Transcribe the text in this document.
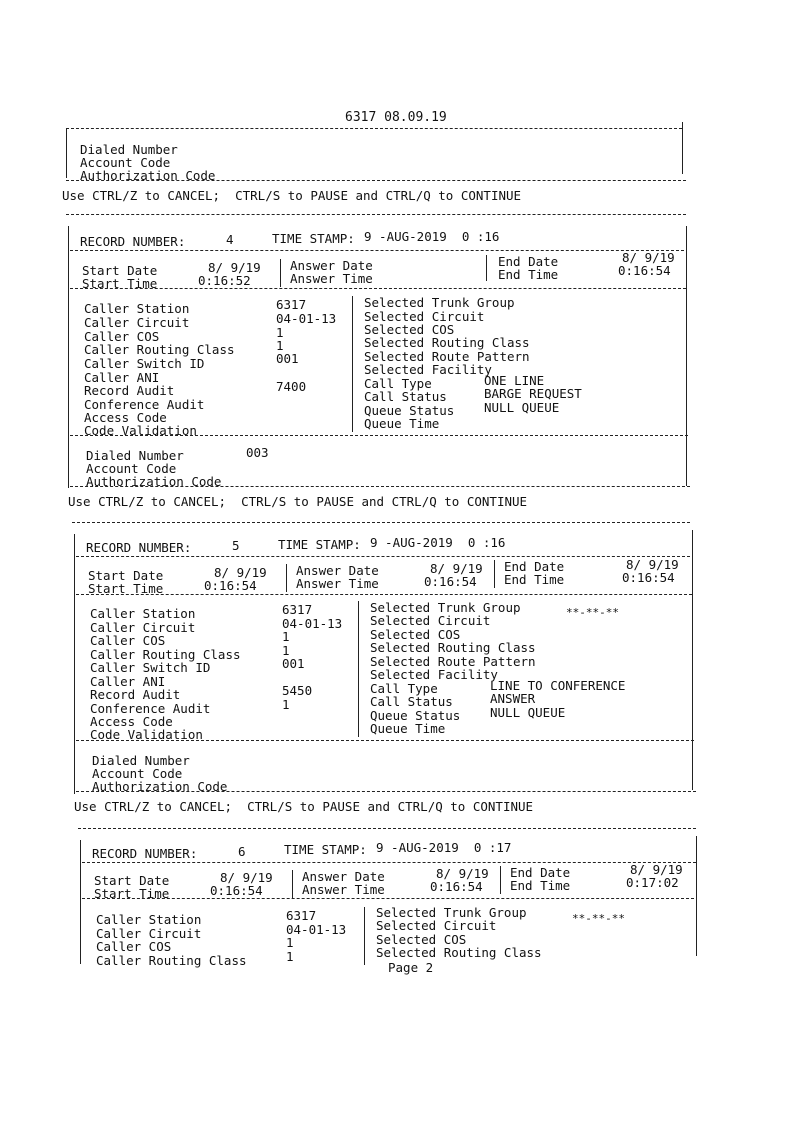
6317 08.09.19
Dialed Number
Account Code
Authorization Code
Use CTRL/Z to CANCEL;  CTRL/S to PAUSE and CTRL/Q to CONTINUE
RECORD NUMBER:	4	TIME STAMP: 9 -AUG-2019  0 :16
Start Date	8/ 9/19
Start Time	0:16:52
Answer Date
Answer Time
End Date	8/ 9/19
End Time	0:16:54
Caller Station	6317
Caller Circuit	04-01-13
Caller COS	1
Caller Routing Class	1
Caller Switch ID	001
Caller ANI
Record Audit	7400
Conference Audit
Access Code
Code Validation
Selected Trunk Group
Selected Circuit
Selected COS
Selected Routing Class
Selected Route Pattern
Selected Facility
Call Type	ONE LINE
Call Status	BARGE REQUEST
Queue Status NULL QUEUE
Queue Time
Dialed Number	003
Account Code
Authorization Code
Use CTRL/Z to CANCEL;  CTRL/S to PAUSE and CTRL/Q to CONTINUE
RECORD NUMBER:	5	TIME STAMP: 9 -AUG-2019  0 :16
Start Date	8/ 9/19
Start Time	0:16:54
Answer Date	8/ 9/19
Answer Time	0:16:54
End Date	8/ 9/19
End Time	0:16:54
Caller Station	6317
Caller Circuit	04-01-13
Caller COS	1
Caller Routing Class	1
Caller Switch ID	001
Caller ANI
Record Audit	5450
Conference Audit	1
Access Code
Code Validation
Selected Trunk Group	**-**-**
Selected Circuit
Selected COS
Selected Routing Class
Selected Route Pattern
Selected Facility
Call Type	LINE TO CONFERENCE
Call Status	ANSWER
Queue Status NULL QUEUE
Queue Time
Dialed Number
Account Code
Authorization Code
Use CTRL/Z to CANCEL;  CTRL/S to PAUSE and CTRL/Q to CONTINUE
RECORD NUMBER:	6	TIME STAMP: 9 -AUG-2019  0 :17
Start Date	8/ 9/19
Start Time	0:16:54
Answer Date	8/ 9/19
Answer Time	0:16:54
End Date	8/ 9/19
End Time	0:17:02
Caller Station	6317
Caller Circuit	04-01-13
Caller COS	1
Caller Routing Class	1
Selected Trunk Group	**-**-**
Selected Circuit
Selected COS
Selected Routing Class
Page 2
